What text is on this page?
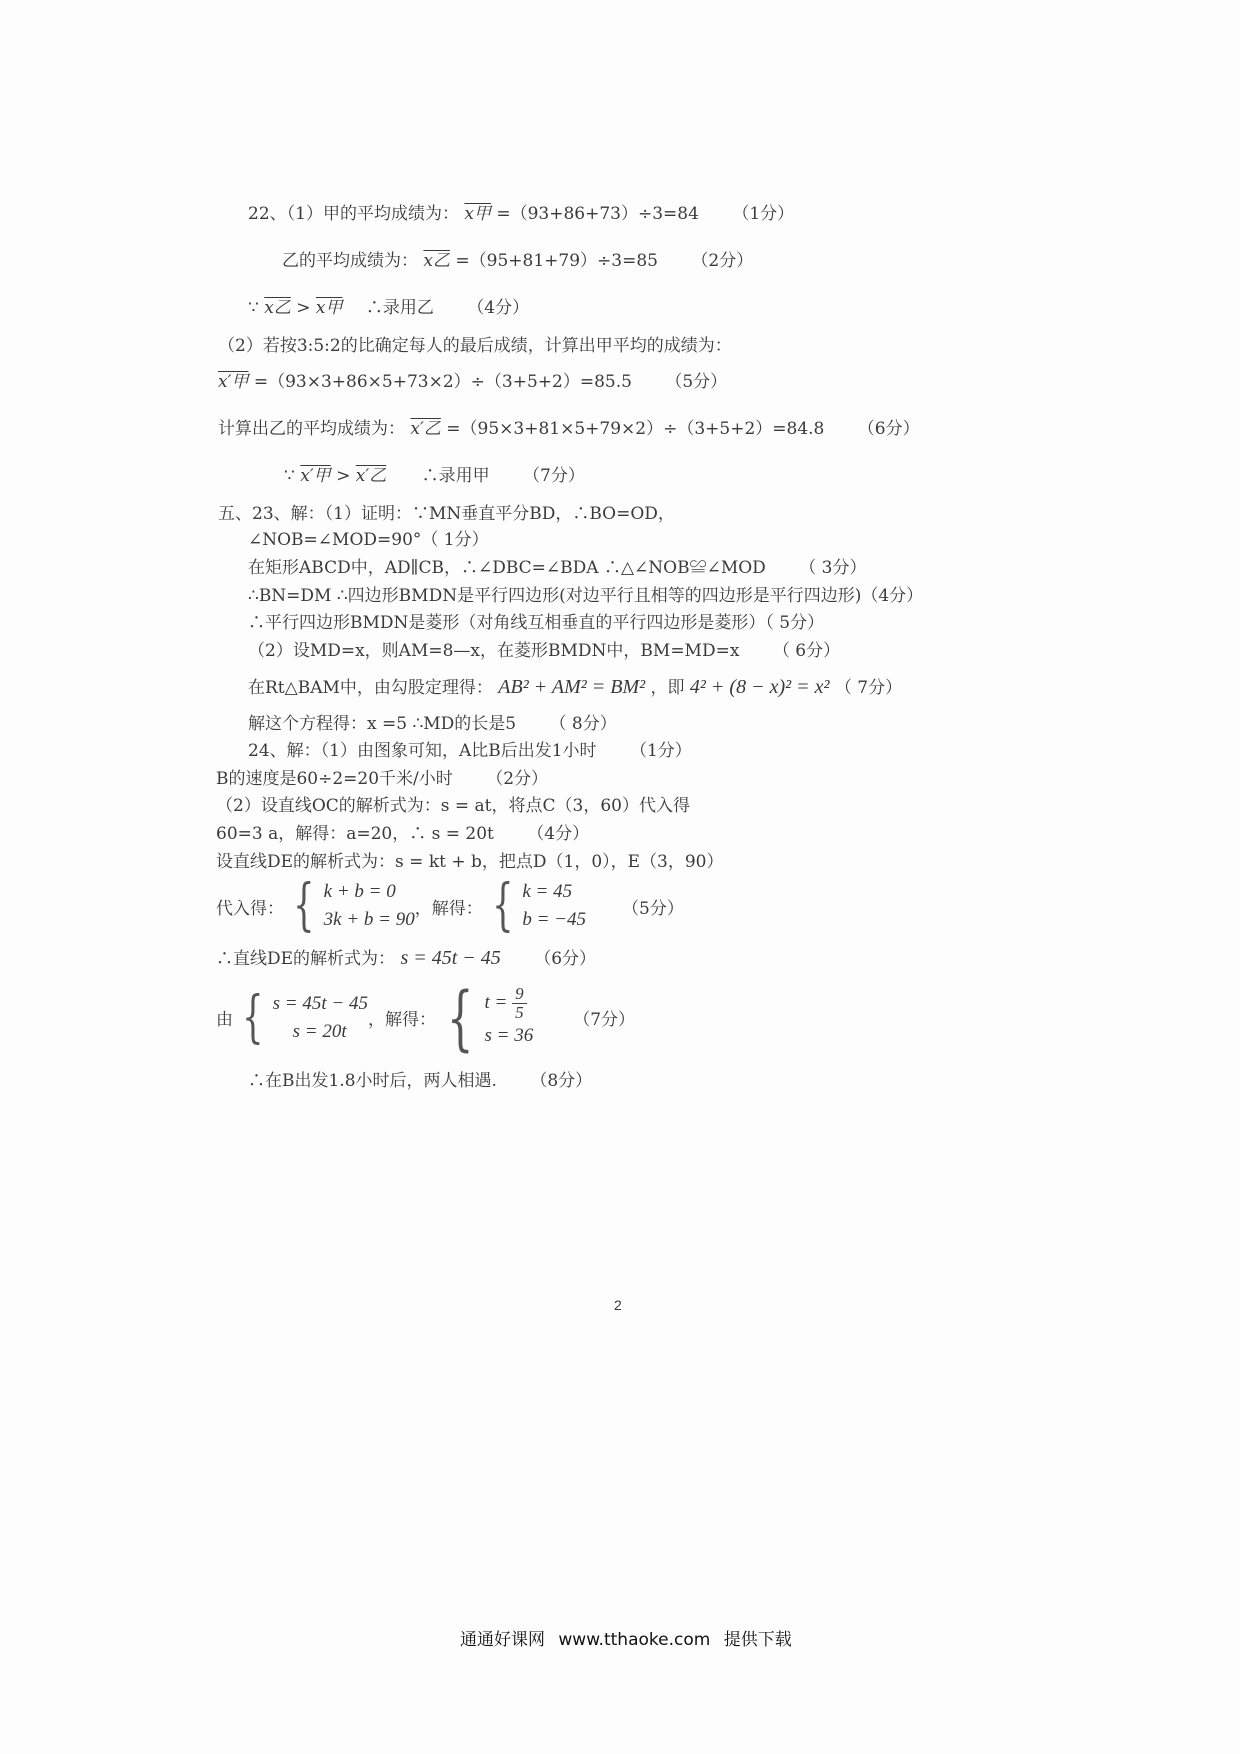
22、（1）甲的平均成绩为： x甲 =（93+86+73）÷3=84 （1分）
乙的平均成绩为： x乙 =（95+81+79）÷3=85 （2分）
∵ x乙 > x甲 ∴录用乙 （4分）
（2）若按3:5:2的比确定每人的最后成绩，计算出甲平均的成绩为：
x′甲 =（93×3+86×5+73×2）÷（3+5+2）=85.5 （5分）
计算出乙的平均成绩为： x′乙 =（95×3+81×5+79×2）÷（3+5+2）=84.8 （6分）
∵ x′甲 > x′乙 ∴录用甲 （7分）
五、23、解：（1）证明：∵MN垂直平分BD，∴BO=OD，
∠NOB=∠MOD=90°（ 1分）
在矩形ABCD中，AD∥CB，∴∠DBC=∠BDA ∴△∠NOB≌∠MOD （ 3分）
∴BN=DM ∴四边形BMDN是平行四边形(对边平行且相等的四边形是平行四边形)（4分）
∴平行四边形BMDN是菱形（对角线互相垂直的平行四边形是菱形）（ 5分）
（2）设MD=x，则AM=8—x，在菱形BMDN中，BM=MD=x （ 6分）
在Rt△BAM中，由勾股定理得： AB² + AM² = BM² ，即 4² + (8 − x)² = x² （ 7分）
解这个方程得：x =5 ∴MD的长是5 （ 8分）
24、解：（1）由图象可知，A比B后出发1小时 （1分）
B的速度是60÷2=20千米/小时 （2分）
（2）设直线OC的解析式为：s = at，将点C（3，60）代入得
60=3 a，解得：a=20，∴ s = 20t （4分）
设直线DE的解析式为：s = kt + b，把点D（1，0），E（3，90）
代入得： { k + b = 0
3k + b = 90
，解得： { k = 45
b = −45
（5分）
∴直线DE的解析式为： s = 45t − 45 （6分）
由 { s = 45t − 45
s = 20t
，解得： { $t = \frac{9}{5}$
s = 36
（7分）
∴在B出发1.8小时后，两人相遇. （8分）
2
通通好课网 www.tthaoke.com 提供下载
